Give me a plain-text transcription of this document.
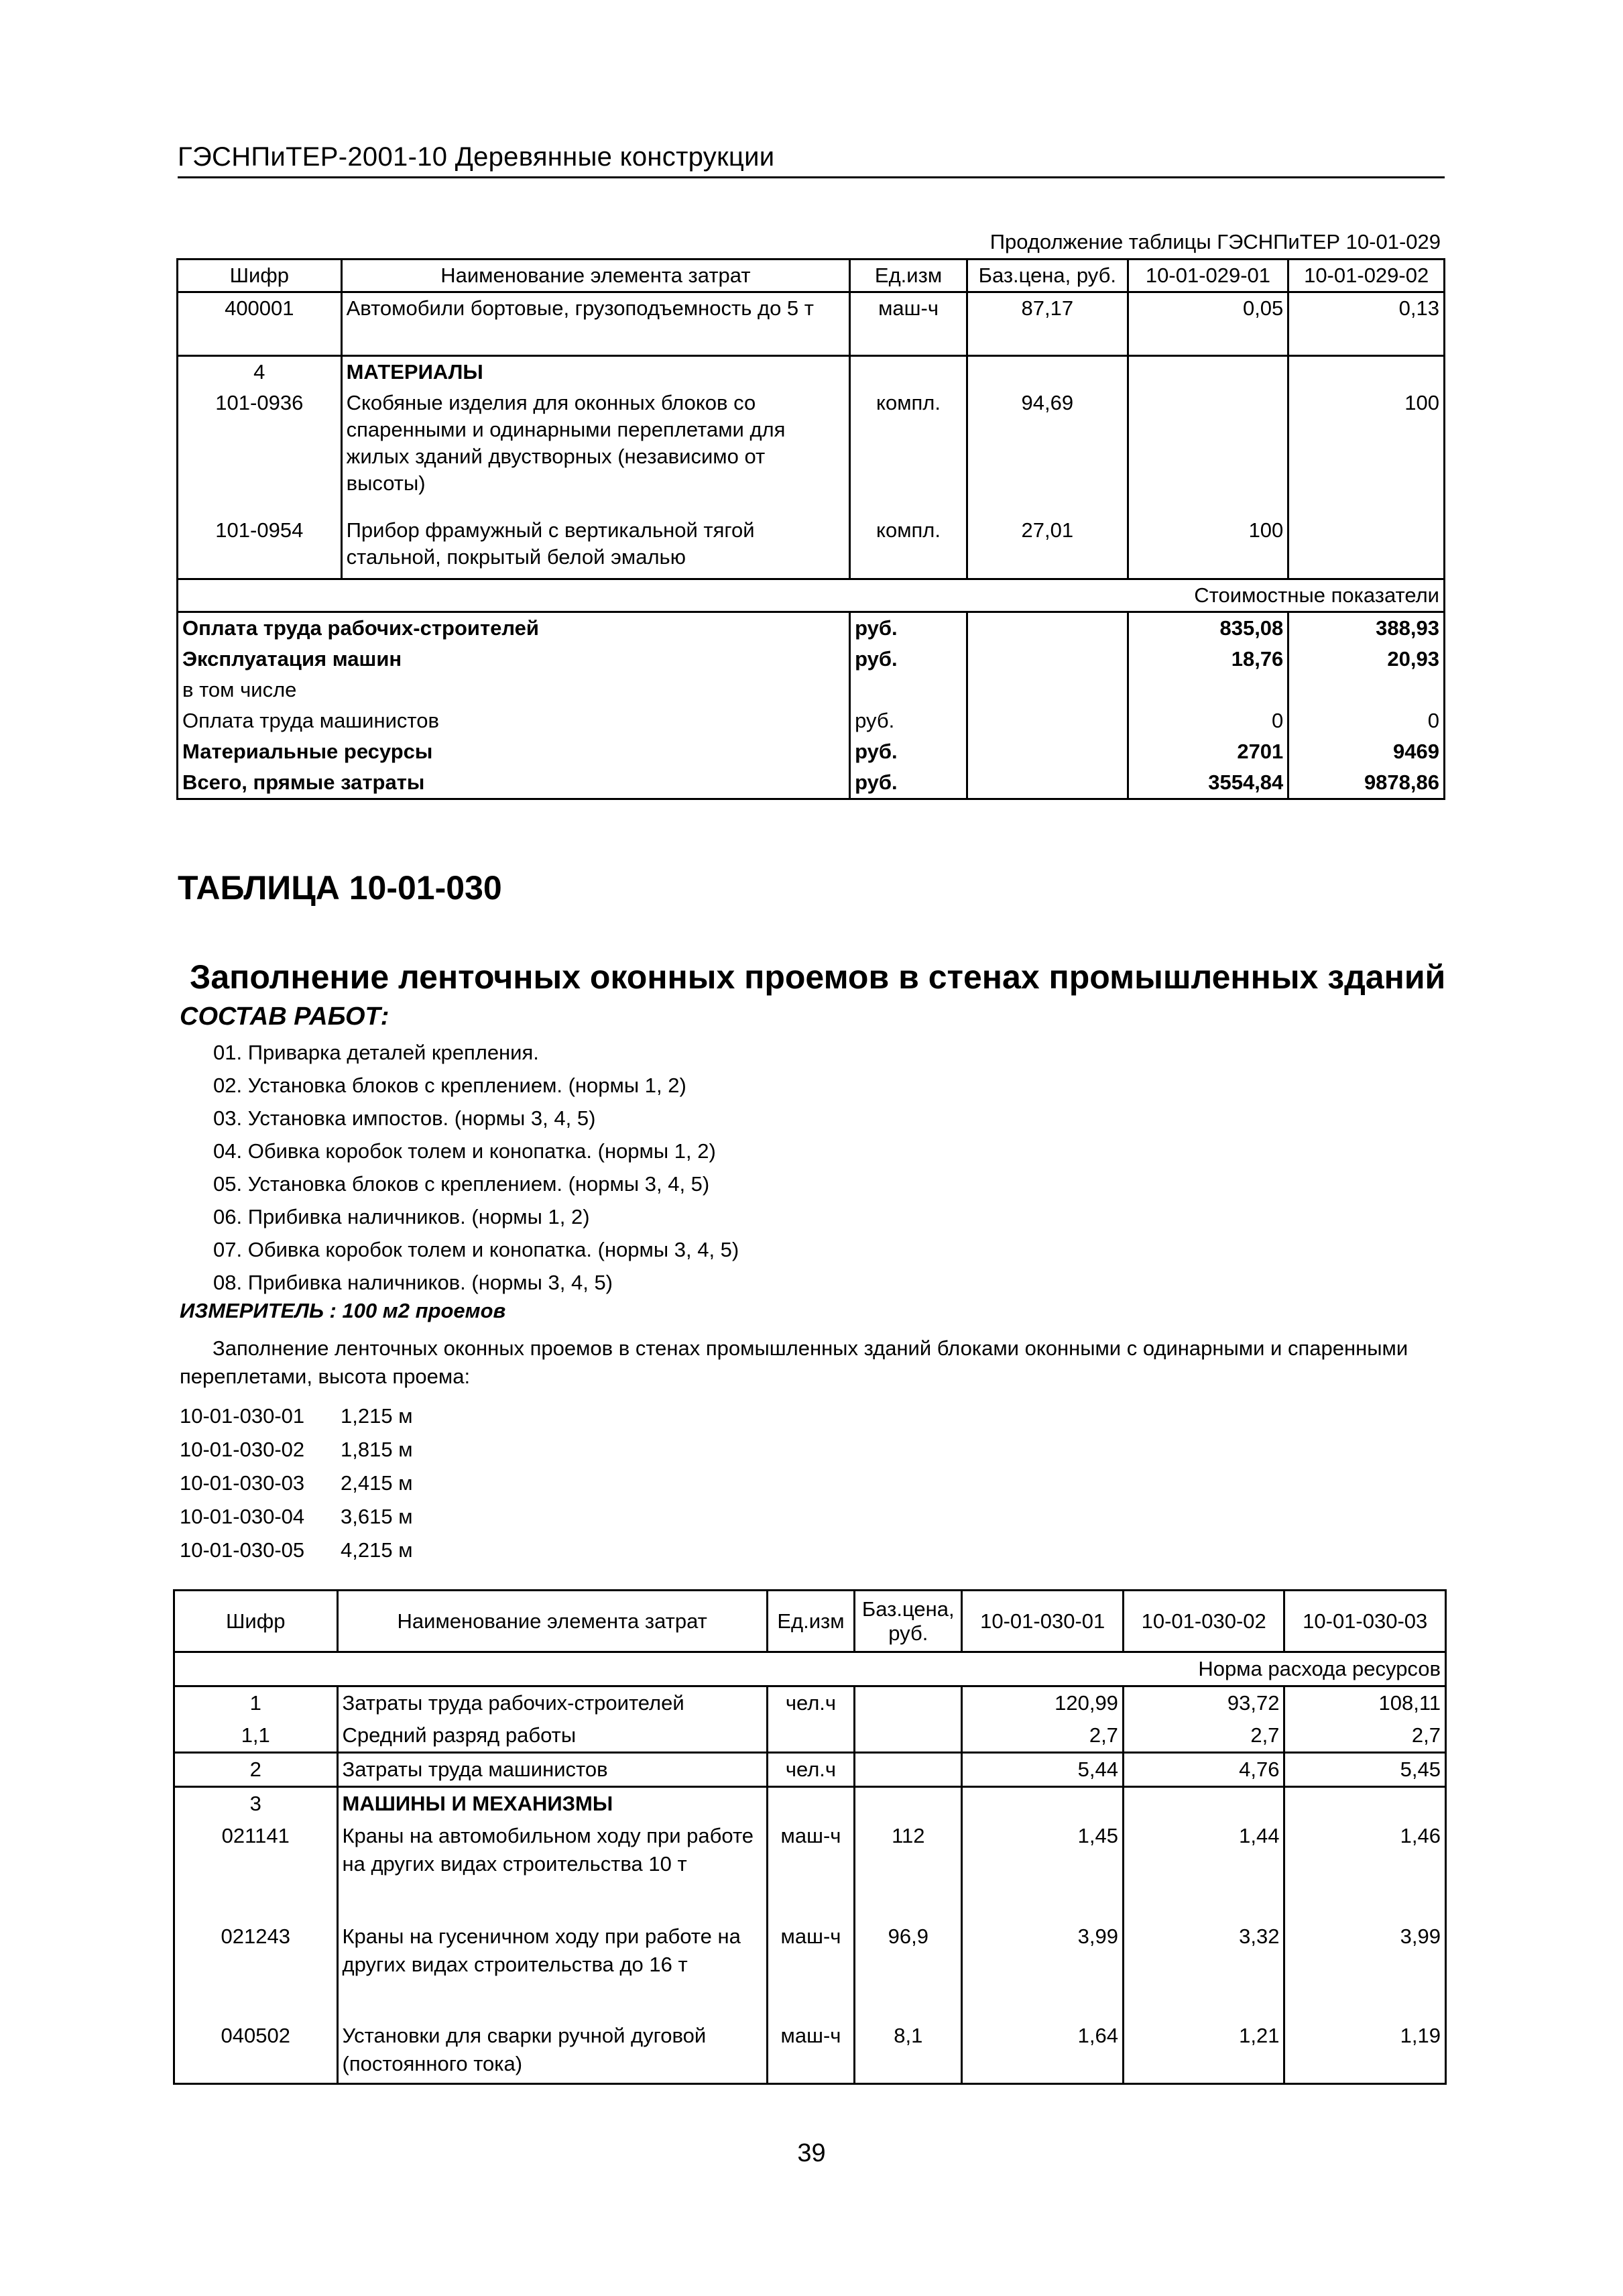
ГЭСНПиТЕР-2001-10 Деревянные конструкции
Продолжение таблицы ГЭСНПиТЕР 10-01-029
Шифр	Наименование элемента затрат	Ед.изм	Баз.цена, руб.	10-01-029-01	10-01-029-02
400001	Автомобили бортовые, грузоподъемность до 5 т	маш-ч	87,17	0,05	0,13
4	МАТЕРИАЛЫ				
101-0936	Скобяные изделия для оконных блоков со спаренными и одинарными переплетами для жилых зданий двустворных (независимо от высоты)	компл.	94,69		100
101-0954	Прибор фрамужный с вертикальной тягой стальной, покрытый белой эмалью	компл.	27,01	100	
Стоимостные показатели					
Оплата труда рабочих-строителей		руб.		835,08	388,93
Эксплуатация машин		руб.		18,76	20,93
в том числе					
Оплата труда машинистов		руб.		0	0
Материальные ресурсы		руб.		2701	9469
Всего, прямые затраты		руб.		3554,84	9878,86
ТАБЛИЦА 10-01-030
Заполнение ленточных оконных проемов в стенах промышленных зданий
СОСТАВ РАБОТ:
01. Приварка деталей крепления.
02. Установка блоков с креплением. (нормы 1, 2)
03. Установка импостов. (нормы 3, 4, 5)
04. Обивка коробок толем и конопатка. (нормы 1, 2)
05. Установка блоков с креплением. (нормы 3, 4, 5)
06. Прибивка наличников. (нормы 1, 2)
07. Обивка коробок толем и конопатка. (нормы 3, 4, 5)
08. Прибивка наличников. (нормы 3, 4, 5)
ИЗМЕРИТЕЛЬ : 100 м2 проемов
Заполнение ленточных оконных проемов в стенах промышленных зданий блоками оконными с одинарными и спаренными переплетами, высота проема:
10-01-030-01 1,215 м
10-01-030-02 1,815 м
10-01-030-03 2,415 м
10-01-030-04 3,615 м
10-01-030-05 4,215 м
Шифр	Наименование элемента затрат	Ед.изм	Баз.цена, руб.	10-01-030-01	10-01-030-02	10-01-030-03
Норма расхода ресурсов						
1	Затраты труда рабочих-строителей	чел.ч		120,99	93,72	108,11
1,1	Средний разряд работы			2,7	2,7	2,7
2	Затраты труда машинистов	чел.ч		5,44	4,76	5,45
3	МАШИНЫ И МЕХАНИЗМЫ					
021141	Краны на автомобильном ходу при работе на других видах строительства 10 т	маш-ч	112	1,45	1,44	1,46
021243	Краны на гусеничном ходу при работе на других видах строительства до 16 т	маш-ч	96,9	3,99	3,32	3,99
040502	Установки для сварки ручной дуговой (постоянного тока)	маш-ч	8,1	1,64	1,21	1,19
39
